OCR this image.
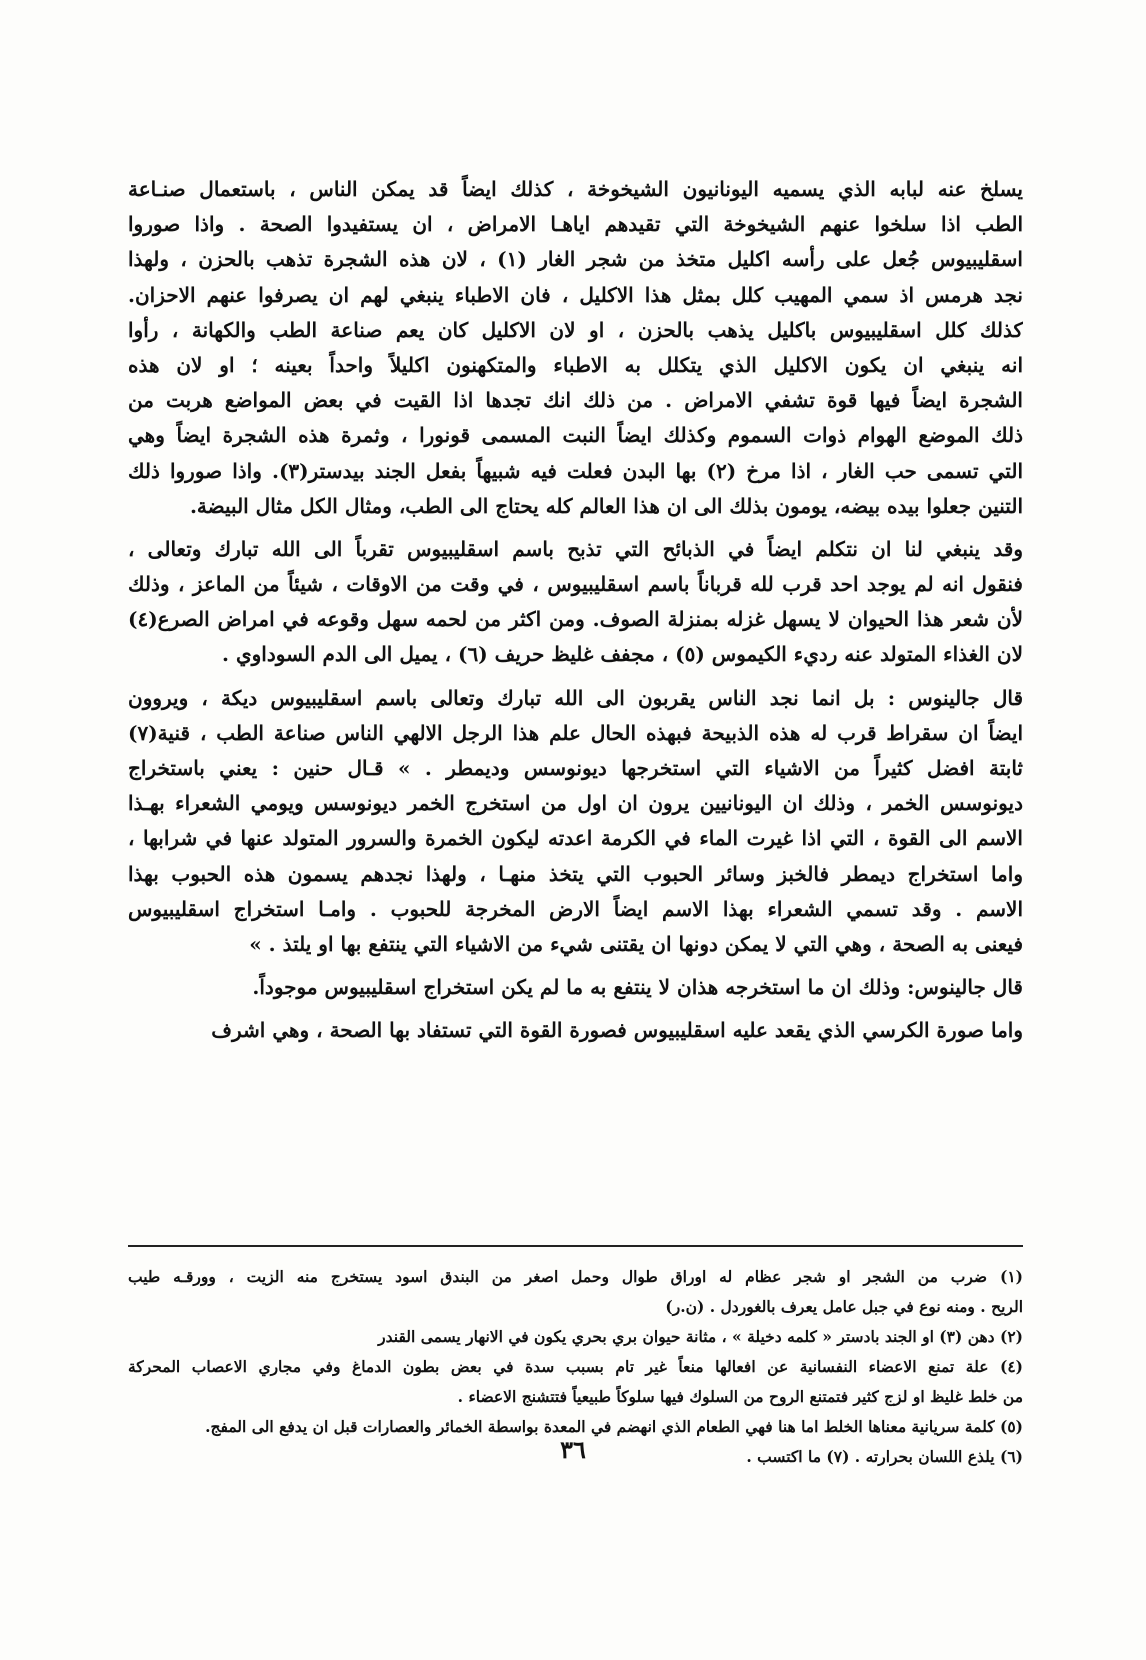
يسلخ عنه لبابه الذي يسميه اليونانيون الشيخوخة ، كذلك ايضاً قد يمكن الناس ، باستعمال صنـاعة
الطب اذا سلخوا عنهم الشيخوخة التي تقيدهم اياهـا الامراض ، ان يستفيدوا الصحة . واذا صوروا
اسقليبيوس جُعل على رأسه اكليل متخذ من شجر الغار (١) ، لان هذه الشجرة تذهب بالحزن ، ولهذا
نجد هرمس اذ سمي المهيب كلل بمثل هذا الاكليل ، فان الاطباء ينبغي لهم ان يصرفوا عنهم الاحزان.
كذلك كلل اسقليبيوس باكليل يذهب بالحزن ، او لان الاكليل كان يعم صناعة الطب والكهانة ، رأوا
انه ينبغي ان يكون الاكليل الذي يتكلل به الاطباء والمتكهنون اكليلاً واحداً بعينه ؛ او لان هذه
الشجرة ايضاً فيها قوة تشفي الامراض . من ذلك انك تجدها اذا القيت في بعض المواضع هربت من
ذلك الموضع الهوام ذوات السموم وكذلك ايضاً النبت المسمى قونورا ، وثمرة هذه الشجرة ايضاً وهي
التي تسمى حب الغار ، اذا مرخ (٢) بها البدن فعلت فيه شبيهاً بفعل الجند بيدستر(٣). واذا صوروا ذلك
التنين جعلوا بيده بيضه، يومون بذلك الى ان هذا العالم كله يحتاج الى الطب، ومثال الكل مثال البيضة.
وقد ينبغي لنا ان نتكلم ايضاً في الذبائح التي تذبح باسم اسقليبيوس تقرباً الى الله تبارك وتعالى ،
فنقول انه لم يوجد احد قرب لله قرباناً باسم اسقليبيوس ، في وقت من الاوقات ، شيئاً من الماعز ، وذلك
لأن شعر هذا الحيوان لا يسهل غزله بمنزلة الصوف. ومن اكثر من لحمه سهل وقوعه في امراض الصرع(٤)
لان الغذاء المتولد عنه رديء الكيموس (٥) ، مجفف غليظ حريف (٦) ، يميل الى الدم السوداوي .
قال جالينوس : بل انما نجد الناس يقربون الى الله تبارك وتعالى باسم اسقليبيوس ديكة ، ويروون
ايضاً ان سقراط قرب له هذه الذبيحة فبهذه الحال علم هذا الرجل الالهي الناس صناعة الطب ، قنية(٧)
ثابتة افضل كثيراً من الاشياء التي استخرجها ديونوسس وديمطر . » قـال حنين : يعني باستخراج
ديونوسس الخمر ، وذلك ان اليونانيين يرون ان اول من استخرج الخمر ديونوسس ويومي الشعراء بهـذا
الاسم الى القوة ، التي اذا غيرت الماء في الكرمة اعدته ليكون الخمرة والسرور المتولد عنها في شرابها ،
واما استخراج ديمطر فالخبز وسائر الحبوب التي يتخذ منهـا ، ولهذا نجدهم يسمون هذه الحبوب بهذا
الاسم . وقد تسمي الشعراء بهذا الاسم ايضاً الارض المخرجة للحبوب . وامـا استخراج اسقليبيوس
فيعنى به الصحة ، وهي التي لا يمكن دونها ان يقتنى شيء من الاشياء التي ينتفع بها او يلتذ . »
قال جالينوس: وذلك ان ما استخرجه هذان لا ينتفع به ما لم يكن استخراج اسقليبيوس موجوداً.
واما صورة الكرسي الذي يقعد عليه اسقليبيوس فصورة القوة التي تستفاد بها الصحة ، وهي اشرف
(١) ضرب من الشجر او شجر عظام له اوراق طوال وحمل اصغر من البندق اسود يستخرج منه الزيت ، وورقـه طيب
الريح . ومنه نوع في جبل عامل يعرف بالغوردل . (ن.ر)
(٢) دهن (٣) او الجند بادستر « كلمه دخيلة » ، مثانة حيوان بري بحري يكون في الانهار يسمى القندر
(٤) علة تمنع الاعضاء النفسانية عن افعالها منعاً غير تام بسبب سدة في بعض بطون الدماغ وفي مجاري الاعصاب المحركة
من خلط غليظ او لزج كثير فتمتنع الروح من السلوك فيها سلوكاً طبيعياً فتتشنج الاعضاء .
(٥) كلمة سريانية معناها الخلط اما هنا فهي الطعام الذي انهضم في المعدة بواسطة الخمائر والعصارات قبل ان يدفع الى المفج.
(٦) يلذع اللسان بحرارته . (٧) ما اكتسب .
٣٦
